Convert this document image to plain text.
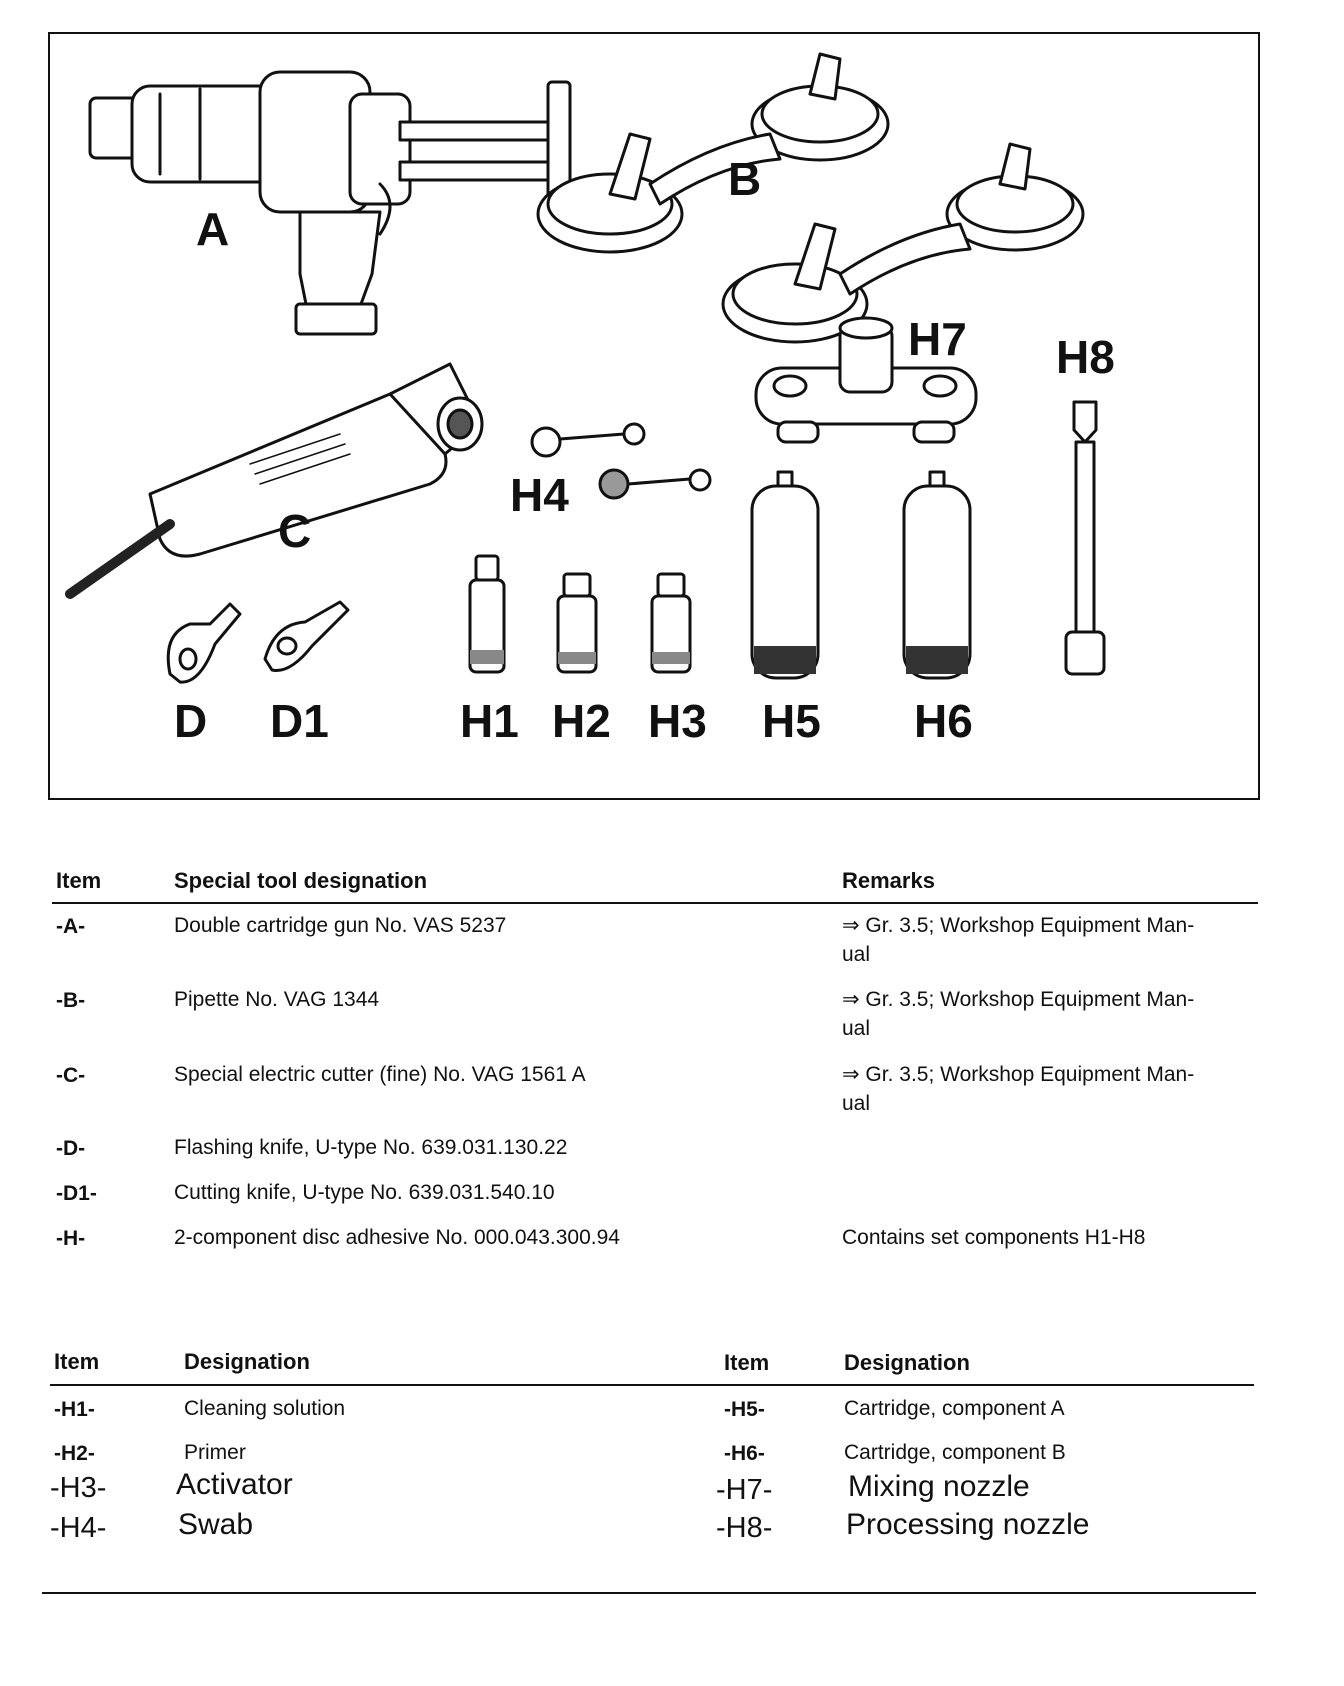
A
B
C
D D1	H1 H2 H3
H4
H5 H6
H7 H8
Item	Special tool designation	Remarks
-A-	Double cartridge gun No. VAS 5237	⇒ Gr. 3.5; Workshop Equipment Man-
ual
-B-	Pipette No. VAG 1344	⇒ Gr. 3.5; Workshop Equipment Man-
ual
-C-	Special electric cutter (fine) No. VAG 1561 A	⇒ Gr. 3.5; Workshop Equipment Man-
ual
-D-	Flashing knife, U-type No. 639.031.130.22
-D1-	Cutting knife, U-type No. 639.031.540.10
-H-	2-component disc adhesive No. 000.043.300.94	Contains set components H1-H8
Item	Designation	Item	Designation
-H1-	Cleaning solution	-H5-	Cartridge, component A
-H2-	Primer	-H6-	Cartridge, component B
-H3- Activator	-H7-	Mixing nozzle
-H4- Swab	-H8- Processing nozzle
